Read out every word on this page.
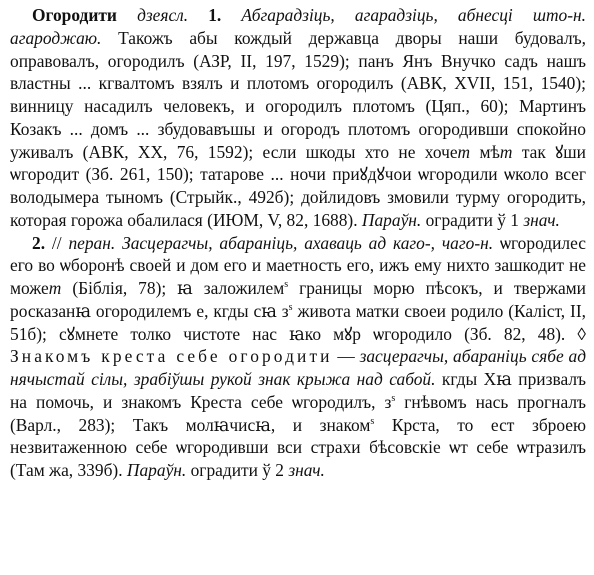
Огородити дзеясл. 1. Абгарадзіць, агарадзіць, абнесці што-н. агароджаю. Такожъ абы кождый державца дворы наши будовалъ, оправовалъ, огородилъ (АЗР, II, 197, 1529); панъ Янъ Внучко садъ нашъ властны ... кгвалтомъ взялъ и плотомъ огородилъ (АВК, XVII, 151, 1540); винницу насадилъ человекъ, и огородилъ плотомъ (Цяп., 60); Мартинъ Козакъ ... домъ ... збудовавъшы и огородъ плотомъ огородивши спокойно уживалъ (АВК, XX, 76, 1592); если шкоды хто не хочет мѣт так ꙋши ѡгородит (Зб. 261, 150); татарове ... ночи приꙋдꙋчои ѡгородили ѡколо всег володымера тыномъ (Стрыйк., 492б); дойлидовъ змовили турму огородить, которая горожа обалилася (ИЮМ, V, 82, 1688). Параўн. оградити ў 1 знач.

2. // перан. Засцерагчы, абараніць, ахаваць ад каго-, чаго-н. ѡгородилес его во ѡборонѣ своей и дом его и маетность его, ижъ ему нихто зашкодит не может (Біблія, 78); ꙗ заложилем$^s$ границы морю пѣсокъ, и твержами росказанꙗ огородилемъ е, кгды сꙗ $з^s$ живота матки своеи родило (Каліст, II, 51б); сꙋмнете толко чистоте нас ꙗко мꙋр ѡгородило (Зб. 82, 48). ◊ Знакомъ креста себе огородити — засцерагчы, абараніць сябе ад нячыстай сілы, зрабіўшы рукой знак крыжа над сабой. кгды Хꙗ призвалъ на помочь, и знакомъ Креста себе ѡгородилъ, $з^s$ гнѣвомъ нась прогналъ (Варл., 283); Такъ молꙗчисꙗ, и знаком$^s$ Крста, то ест зброею незвитаженною себе ѡгородивши вси страхи бѣсовскіе ѡт себе ѡтразилъ (Там жа, 339б). Параўн. оградити ў 2 знач.
